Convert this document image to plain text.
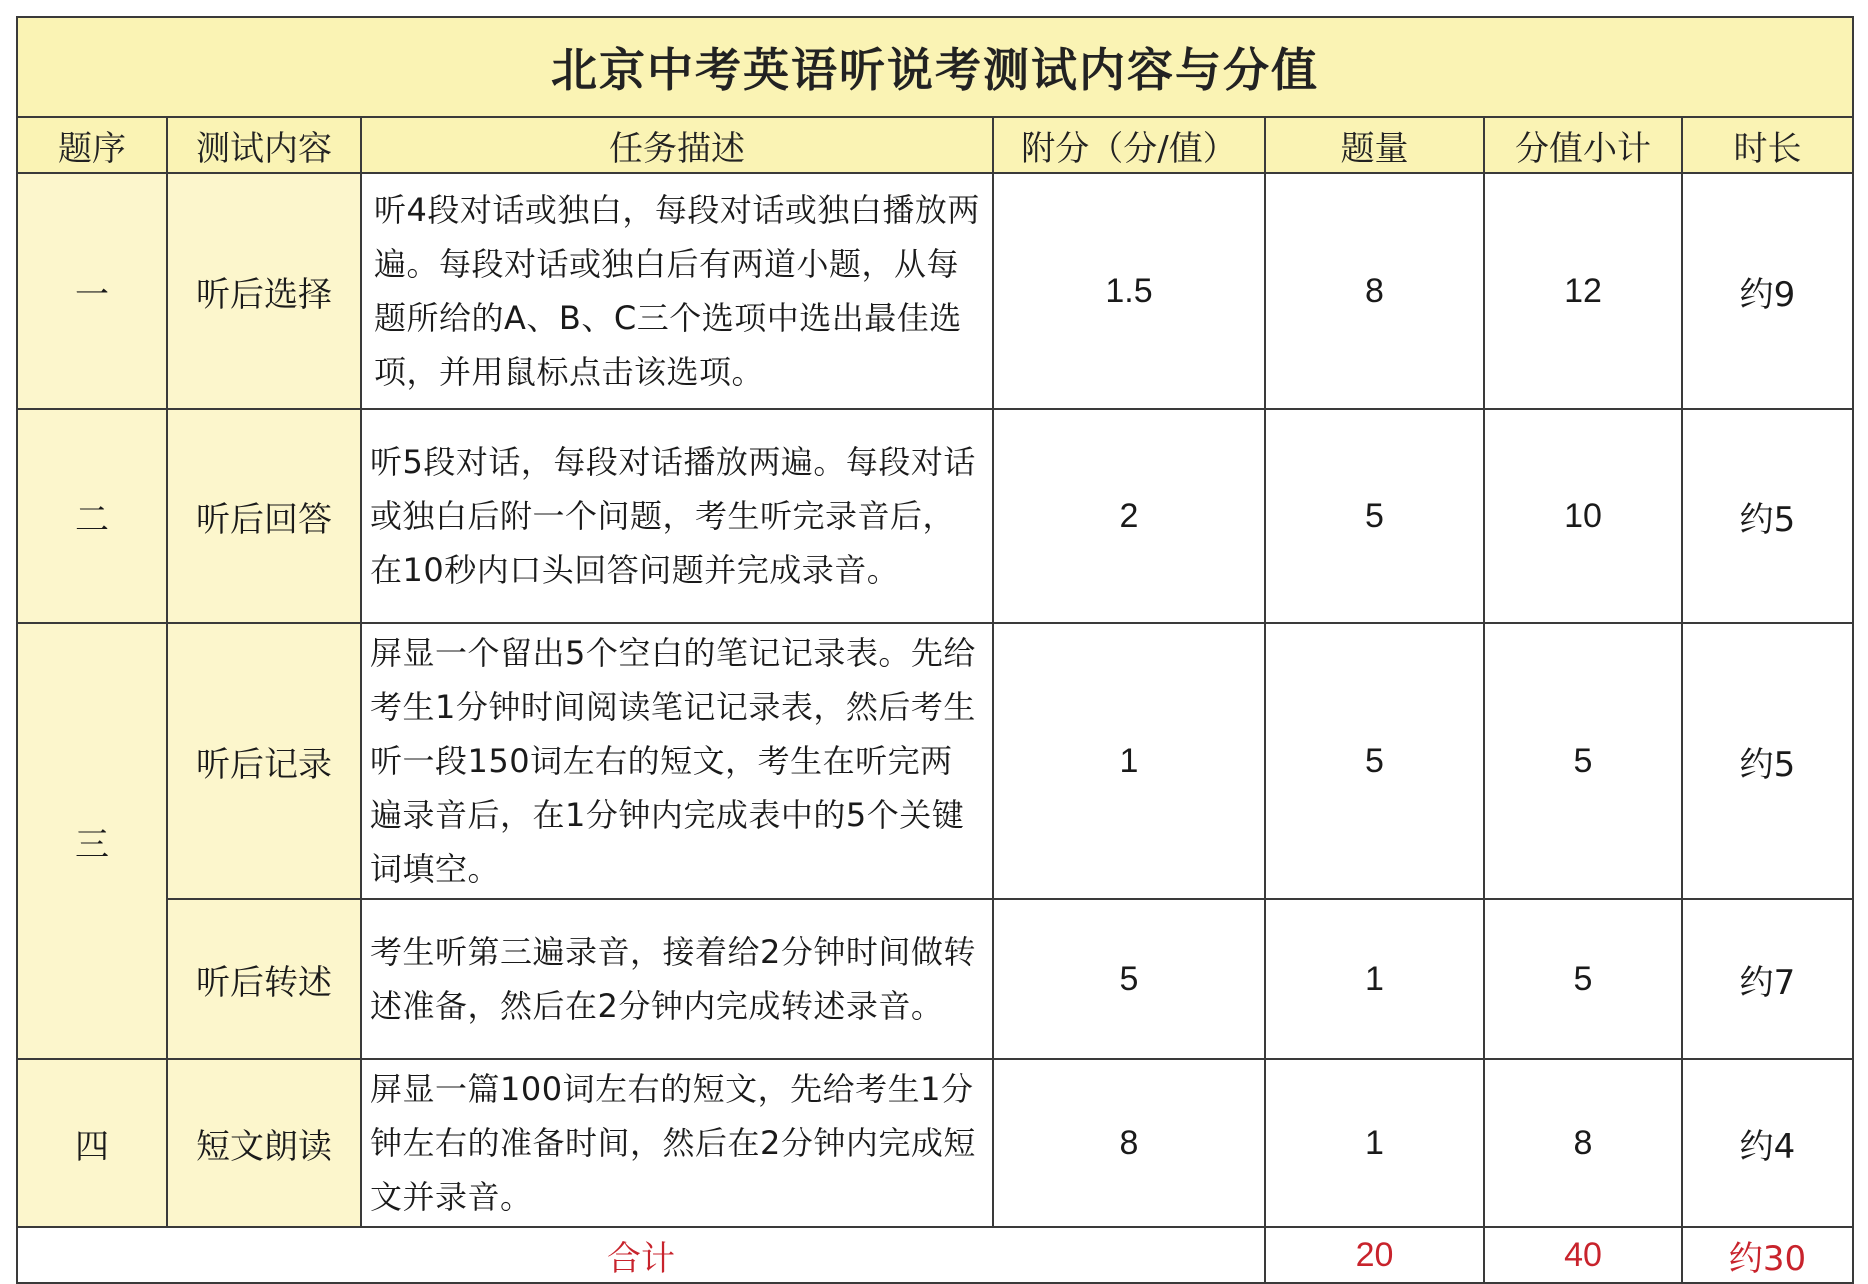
北京中考英语听说考测试内容与分值						
题序	测试内容	任务描述	附分（分/值）	题量	分值小计	时长
一	听后选择	听4段对话或独白，每段对话或独白播放两遍。每段对话或独白后有两道小题，从每题所给的A、B、C三个选项中选出最佳选项，并用鼠标点击该选项。	1.5	8	12	约9
二	听后回答	听5段对话，每段对话播放两遍。每段对话或独白后附一个问题，考生听完录音后，在10秒内口头回答问题并完成录音。	2	5	10	约5
三	听后记录	屏显一个留出5个空白的笔记记录表。先给考生1分钟时间阅读笔记记录表，然后考生听一段150词左右的短文，考生在听完两遍录音后，在1分钟内完成表中的5个关键词填空。	1	5	5	约5
	听后转述	考生听第三遍录音，接着给2分钟时间做转述准备，然后在2分钟内完成转述录音。	5	1	5	约7
四	短文朗读	屏显一篇100词左右的短文，先给考生1分钟左右的准备时间，然后在2分钟内完成短文并录音。	8	1	8	约4
合计				20	40	约30
